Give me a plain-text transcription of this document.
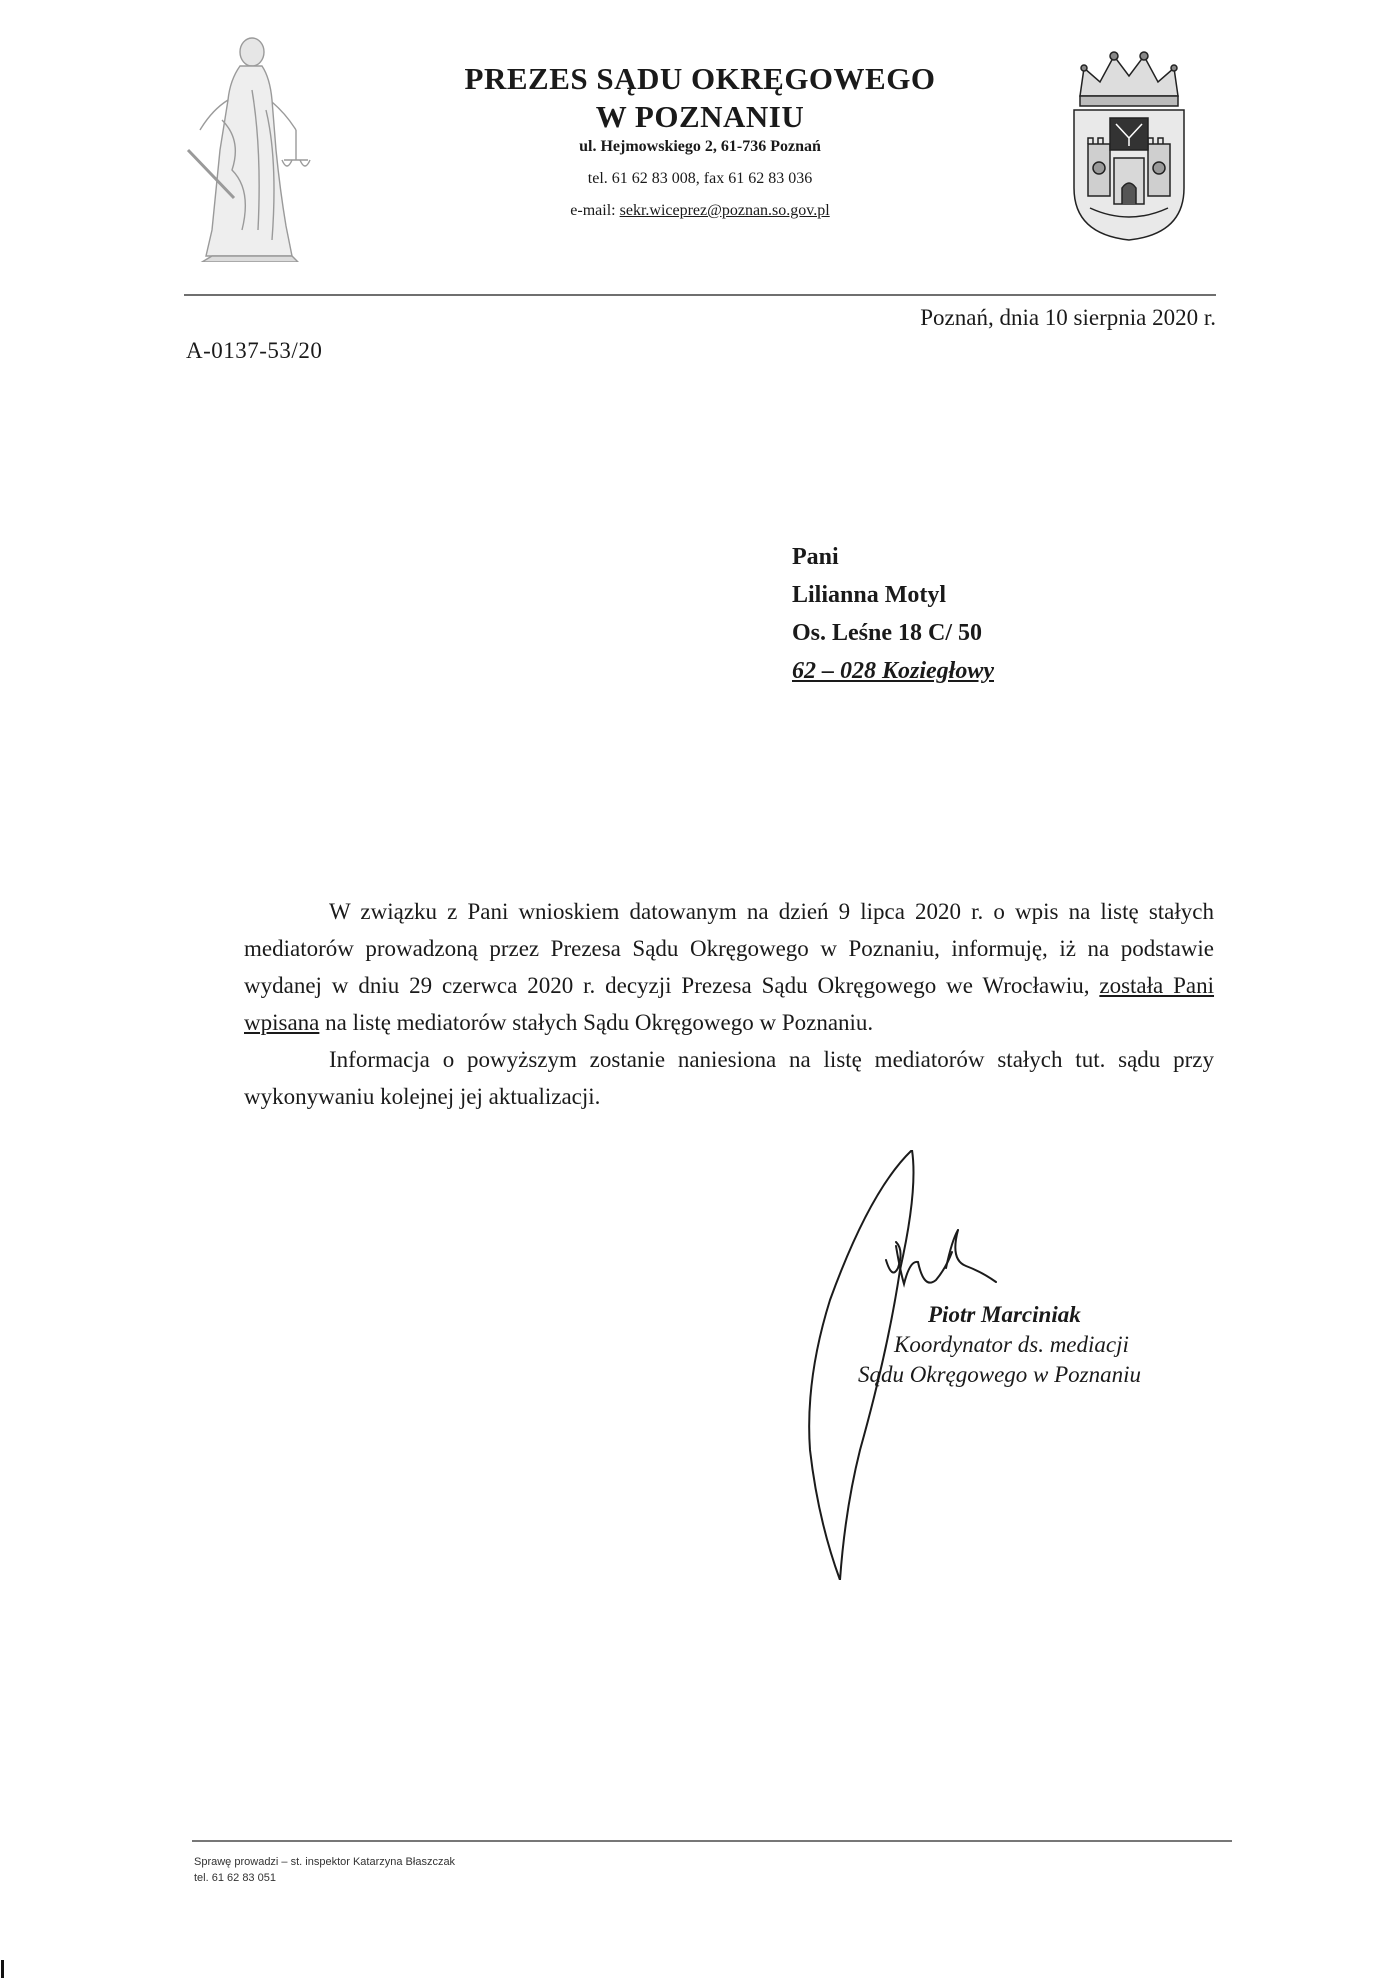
PREZES SĄDU OKRĘGOWEGO
W POZNANIU
ul. Hejmowskiego 2, 61-736 Poznań
tel. 61 62 83 008, fax 61 62 83 036
e-mail: sekr.wiceprez@poznan.so.gov.pl
A-0137-53/20
Poznań, dnia 10 sierpnia 2020 r.
Pani
Lilianna Motyl
Os. Leśne 18 C/ 50
62 – 028 Koziegłowy

W związku z Pani wnioskiem datowanym na dzień 9 lipca 2020 r. o wpis na listę stałych mediatorów prowadzoną przez Prezesa Sądu Okręgowego w Poznaniu, informuję, iż na podstawie wydanej w dniu 29 czerwca 2020 r. decyzji Prezesa Sądu Okręgowego we Wrocławiu, została Pani wpisana na listę mediatorów stałych Sądu Okręgowego w Poznaniu.

Informacja o powyższym zostanie naniesiona na listę mediatorów stałych tut. sądu przy wykonywaniu kolejnej jej aktualizacji.

Piotr Marciniak
Koordynator ds. mediacji
Sądu Okręgowego w Poznaniu
Sprawę prowadzi – st. inspektor Katarzyna Błaszczak
tel. 61 62 83 051
